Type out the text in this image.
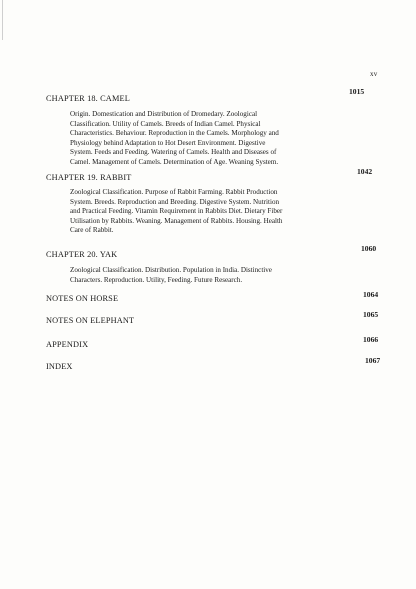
xv
CHAPTER 18. CAMEL
1015
Origin. Domestication and Distribution of Dromedary. Zoological
Classification. Utility of Camels. Breeds of Indian Camel. Physical
Characteristics. Behaviour. Reproduction in the Camels. Morphology and
Physiology behind Adaptation to Hot Desert Environment. Digestive
System. Feeds and Feeding. Watering of Camels. Health and Diseases of
Camel. Management of Camels. Determination of Age. Weaning System.
CHAPTER 19. RABBIT
1042
Zoological Classification. Purpose of Rabbit Farming. Rabbit Production
System. Breeds. Reproduction and Breeding. Digestive System. Nutrition
and Practical Feeding. Vitamin Requirement in Rabbits Diet. Dietary Fiber
Utilisation by Rabbits. Weaning. Management of Rabbits. Housing. Health
Care of Rabbit.
CHAPTER 20. YAK
1060
Zoological Classification. Distribution. Population in India. Distinctive
Characters. Reproduction. Utility, Feeding. Future Research.
NOTES ON HORSE	1064
NOTES ON ELEPHANT
1065
APPENDIX
1066
INDEX
1067
